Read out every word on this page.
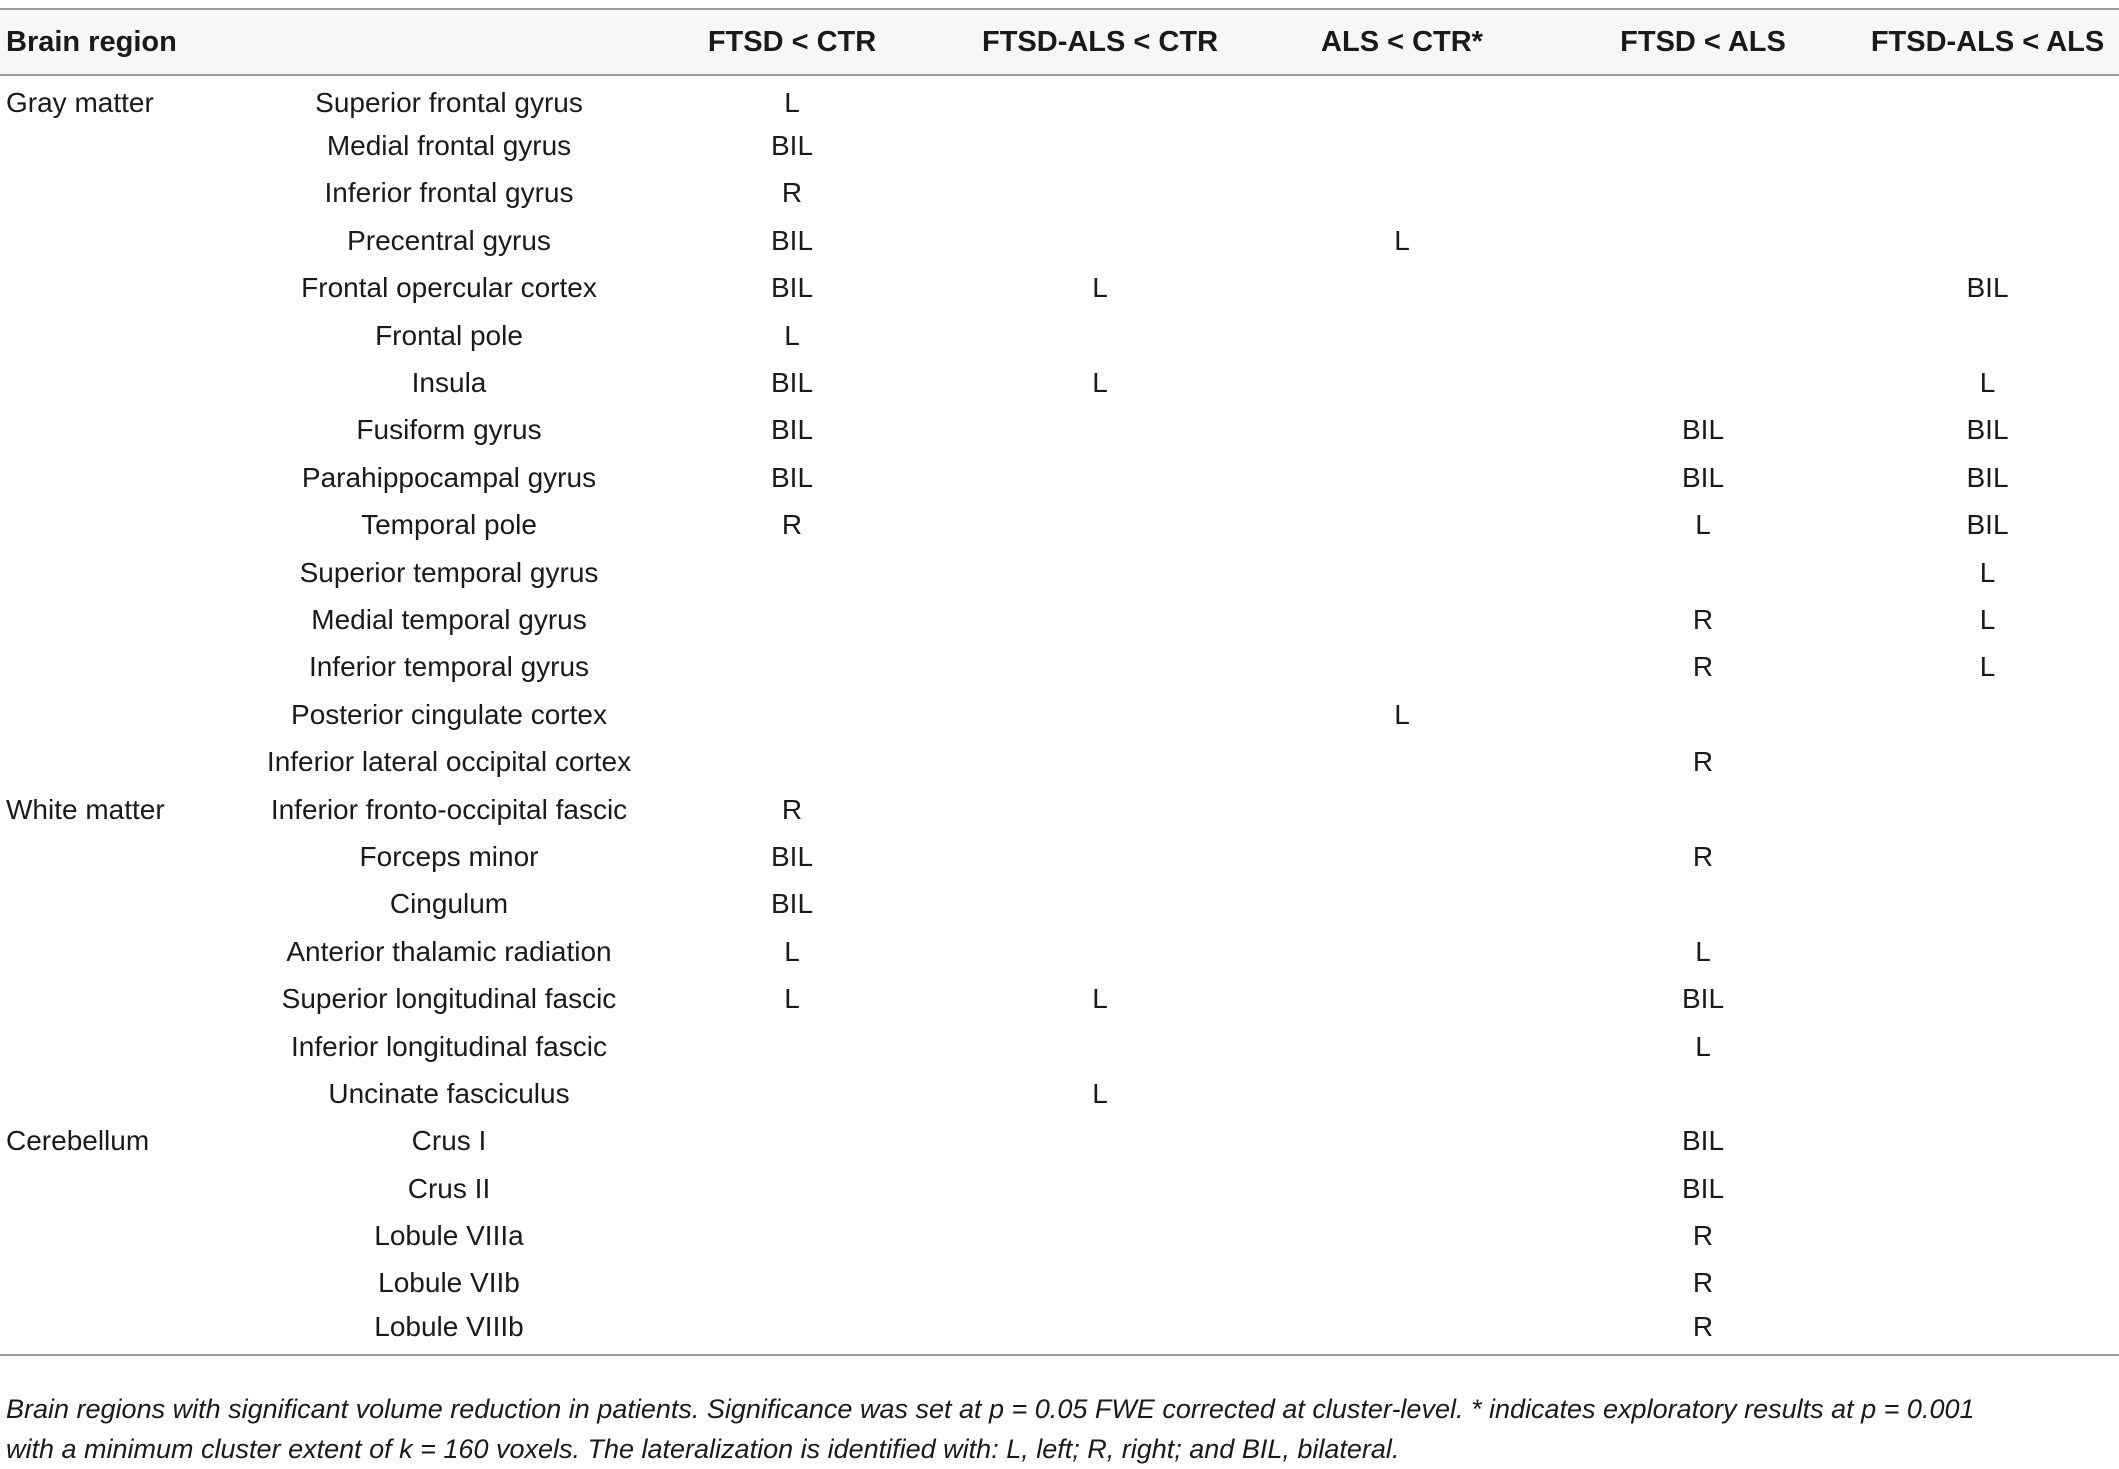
Brain region		FTSD < CTR	FTSD-ALS < CTR	ALS < CTR*	FTSD < ALS	FTSD-ALS < ALS
Gray matter	Superior frontal gyrus	L				
	Medial frontal gyrus	BIL				
	Inferior frontal gyrus	R				
	Precentral gyrus	BIL		L		
	Frontal opercular cortex	BIL	L			BIL
	Frontal pole	L				
	Insula	BIL	L			L
	Fusiform gyrus	BIL			BIL	BIL
	Parahippocampal gyrus	BIL			BIL	BIL
	Temporal pole	R			L	BIL
	Superior temporal gyrus					L
	Medial temporal gyrus				R	L
	Inferior temporal gyrus				R	L
	Posterior cingulate cortex			L		
	Inferior lateral occipital cortex				R	
White matter	Inferior fronto-occipital fascic	R				
	Forceps minor	BIL			R	
	Cingulum	BIL				
	Anterior thalamic radiation	L			L	
	Superior longitudinal fascic	L	L		BIL	
	Inferior longitudinal fascic				L	
	Uncinate fasciculus		L			
Cerebellum	Crus I				BIL	
	Crus II				BIL	
	Lobule VIIIa				R	
	Lobule VIIb				R	
	Lobule VIIIb				R	
Brain regions with significant volume reduction in patients. Significance was set at p = 0.05 FWE corrected at cluster-level. * indicates exploratory results at p = 0.001
with a minimum cluster extent of k = 160 voxels. The lateralization is identified with: L, left; R, right; and BIL, bilateral.
